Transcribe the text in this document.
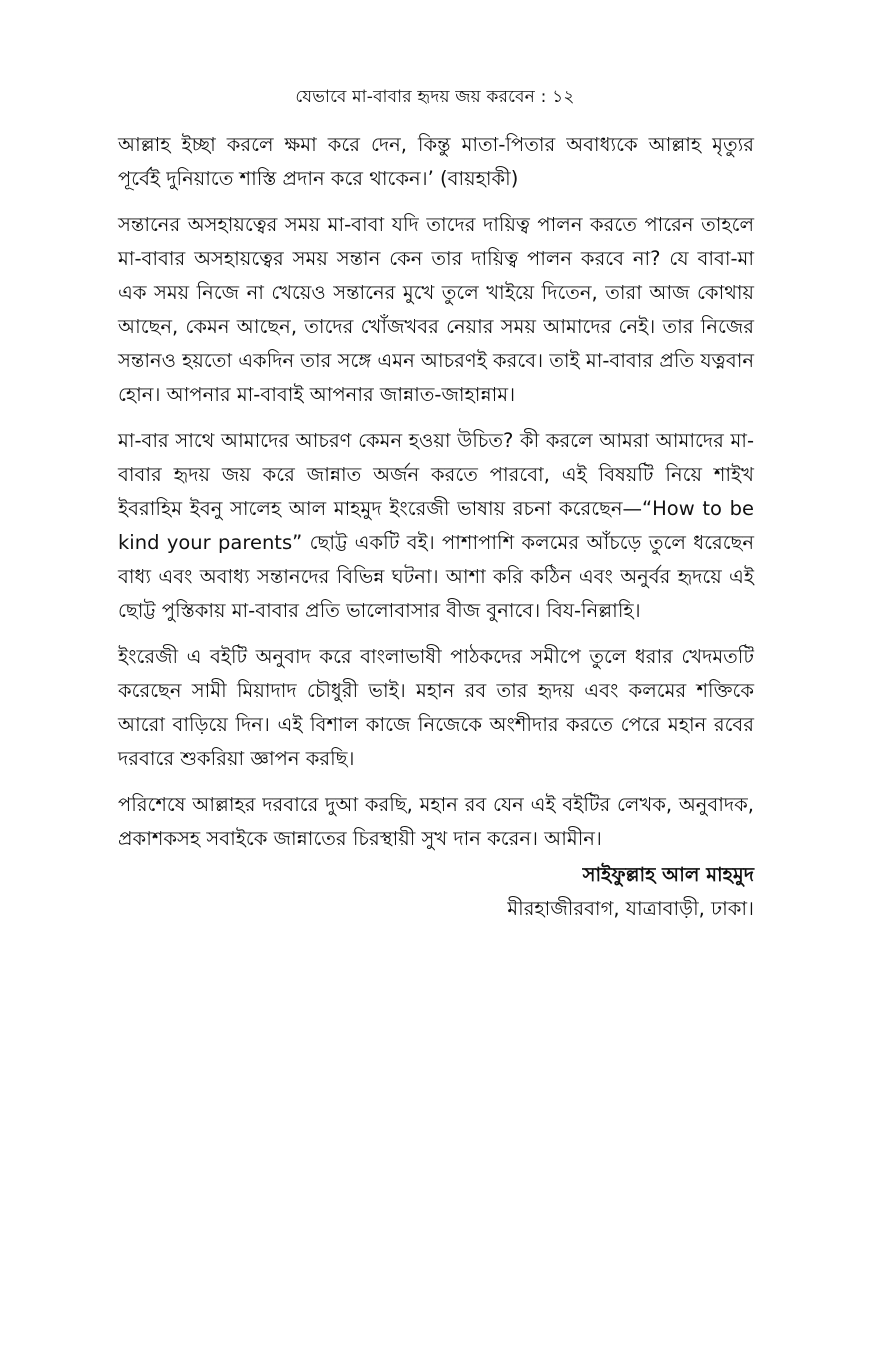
যেভাবে মা-বাবার হৃদয় জয় করবেন : ১২

আল্লাহ ইচ্ছা করলে ক্ষমা করে দেন, কিন্তু মাতা-পিতার অবাধ্যকে আল্লাহ মৃত্যুর পূর্বেই দুনিয়াতে শাস্তি প্রদান করে থাকেন।’ (বায়হাকী)

সন্তানের অসহায়ত্বের সময় মা-বাবা যদি তাদের দায়িত্ব পালন করতে পারেন তাহলে মা-বাবার অসহায়ত্বের সময় সন্তান কেন তার দায়িত্ব পালন করবে না? যে বাবা-মা এক সময় নিজে না খেয়েও সন্তানের মুখে তুলে খাইয়ে দিতেন, তারা আজ কোথায় আছেন, কেমন আছেন, তাদের খোঁজখবর নেয়ার সময় আমাদের নেই। তার নিজের সন্তানও হয়তো একদিন তার সঙ্গে এমন আচরণই করবে। তাই মা-বাবার প্রতি যত্নবান হোন। আপনার মা-বাবাই আপনার জান্নাত-জাহান্নাম।

মা-বার সাথে আমাদের আচরণ কেমন হওয়া উচিত? কী করলে আমরা আমাদের মা-বাবার হৃদয় জয় করে জান্নাত অর্জন করতে পারবো, এই বিষয়টি নিয়ে শাইখ ইবরাহিম ইবনু সালেহ আল মাহমুদ ইংরেজী ভাষায় রচনা করেছেন—“How to be kind your parents” ছোট্ট একটি বই। পাশাপাশি কলমের আঁচড়ে তুলে ধরেছেন বাধ্য এবং অবাধ্য সন্তানদের বিভিন্ন ঘটনা। আশা করি কঠিন এবং অনুর্বর হৃদয়ে এই ছোট্ট পুস্তিকায় মা-বাবার প্রতি ভালোবাসার বীজ বুনাবে। বিয-নিল্লাহি।

ইংরেজী এ বইটি অনুবাদ করে বাংলাভাষী পাঠকদের সমীপে তুলে ধরার খেদমতটি করেছেন সামী মিয়াদাদ চৌধুরী ভাই। মহান রব তার হৃদয় এবং কলমের শক্তিকে আরো বাড়িয়ে দিন। এই বিশাল কাজে নিজেকে অংশীদার করতে পেরে মহান রবের দরবারে শুকরিয়া জ্ঞাপন করছি।

পরিশেষে আল্লাহর দরবারে দুআ করছি, মহান রব যেন এই বইটির লেখক, অনুবাদক, প্রকাশকসহ সবাইকে জান্নাতের চিরস্থায়ী সুখ দান করেন। আমীন।

সাইফুল্লাহ আল মাহমুদ
মীরহাজীরবাগ, যাত্রাবাড়ী, ঢাকা।
